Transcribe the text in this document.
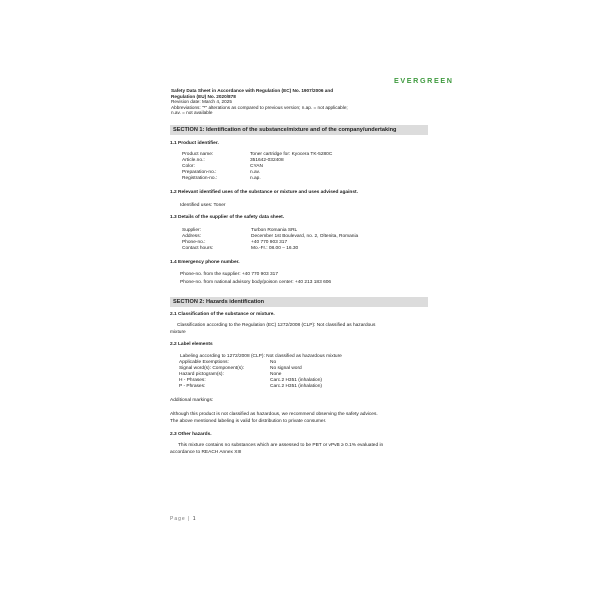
EVERGREEN
Safety Data Sheet in Accordance with Regulation (EC) No. 1907/2006 and
Regulation (EU) No. 2020/878
Revision date: March 4, 2025
Abbreviations: "*" alterations as compared to previous version; n.ap. = not applicable;
n.av. = not available
SECTION 1: Identification of the substance/mixture and of the company/undertaking
1.1 Product identifier.
Product name:
Article.no.:
Color:
Preparation-no.:
Registration-no.:
Toner cartridge for: Kyocera TK-5280C
351642-032408
CYAN
n.av.
n.ap.
1.2 Relevant identified uses of the substance or mixture and uses advised against.
Identified uses: Toner
1.3 Details of the supplier of the safety data sheet.
Supplier:
Address:
Phone-no.:
Contact hours:
Turbon Romania SRL
December 1st Boulevard, no. 2, Oltenita, Romania
+40 770 903 317
Mo.-Fr.: 08.00 – 16.30
1.4 Emergency phone number.
Phone-no. from the supplier: +40 770 903 317
Phone-no. from national advisory body/poison center: +40 213 183 606
SECTION 2: Hazards identification
2.1 Classification of the substance or mixture.
Classification according to the Regulation (EC) 1272/2008 (CLP): Not classified as hazardous
mixture
2.2 Label elements
Labeling according to 1272/2008 (CLP): Not classified as hazardous mixture
Applicable Exemptions:
Signal word(s): Component(s):
Hazard pictogram(s):
H - Phrases:
P - Phrases:
No
No signal word
None
Carc.2 H351 (inhalation)
Carc.2 H351 (inhalation)
Additional markings:
Although this product is not classified as hazardous, we recommend observing the safety advices.
The above mentioned labeling is valid for distribution to private consumer.
2.3 Other hazards.
This mixture contains no substances which are assessed to be PBT or vPvB ≥ 0.1% evaluated in
accordance to REACH Annex XIII
Page | 1
